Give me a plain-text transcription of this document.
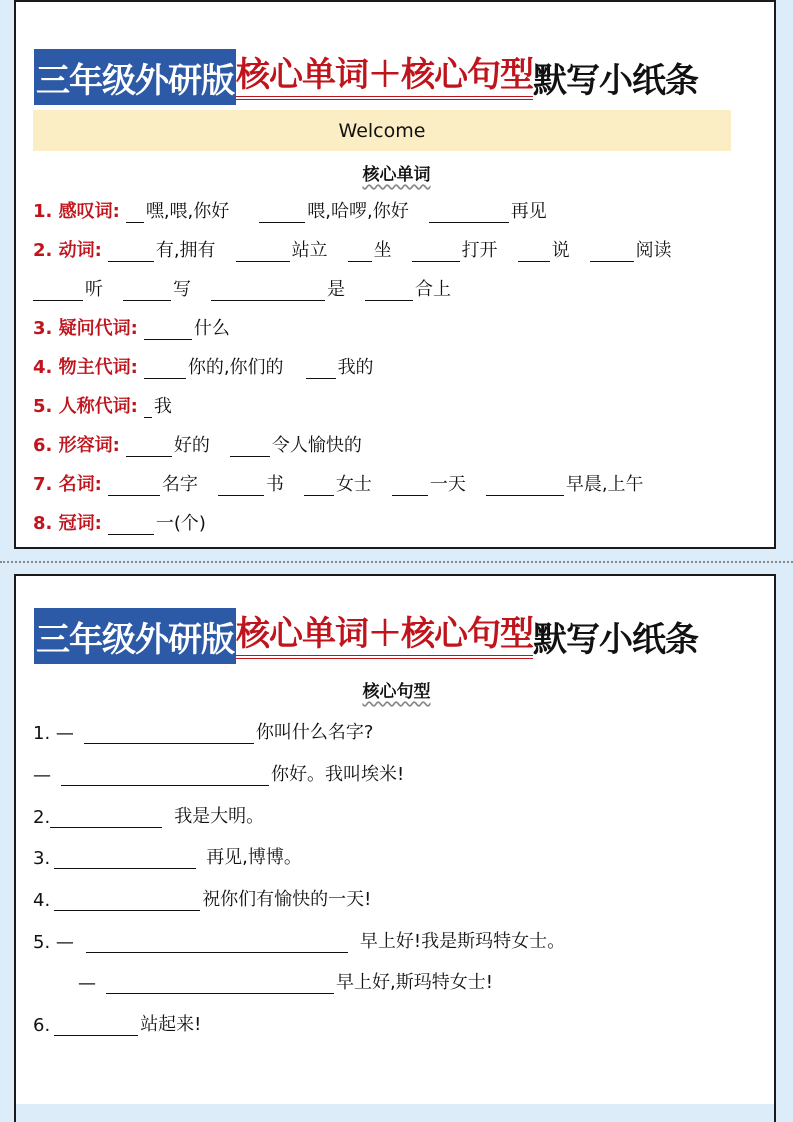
三年级外研版 核心单词＋核心句型 默写小纸条
Welcome
核心单词
1. 感叹词: 嘿,喂,你好	喂,哈啰,你好	再见
2. 动词:	有,拥有	站立	坐	打开	说	阅读
听	写	是	合上
3. 疑问代词:	什么
4. 物主代词:	你的,你们的	我的
5. 人称代词: 我
6. 形容词:	好的	令人愉快的
7. 名词:	名字	书	女士	一天	早晨,上午
8. 冠词:	一(个)
三年级外研版 核心单词＋核心句型 默写小纸条
核心句型
1. —	你叫什么名字?
—	你好。我叫埃米!
2.	我是大明。
3.	再见,博博。
4.	祝你们有愉快的一天!
5. —	早上好!我是斯玛特女士。
—	早上好,斯玛特女士!
6.	站起来!
